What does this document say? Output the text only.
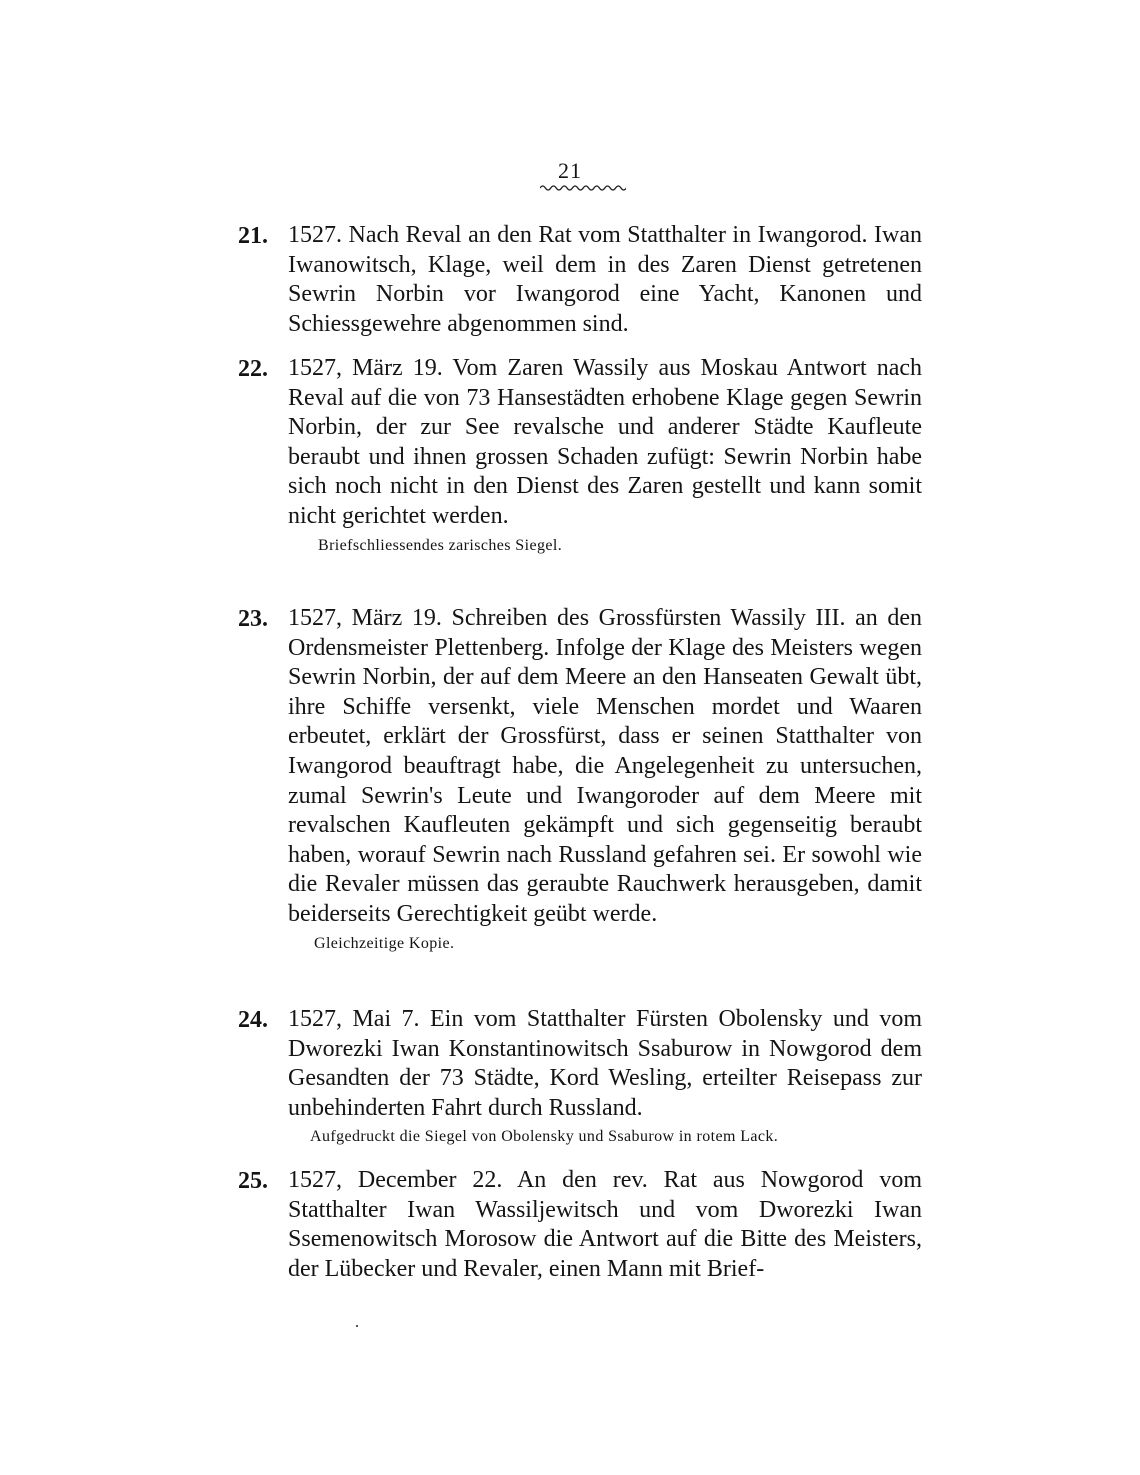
21
21. 1527. Nach Reval an den Rat vom Statthalter in Iwangorod. Iwan Iwanowitsch, Klage, weil dem in des Zaren Dienst getretenen Sewrin Norbin vor Iwangorod eine Yacht, Kanonen und Schiessgewehre abgenommen sind.

22. 1527, März 19. Vom Zaren Wassily aus Moskau Antwort nach Reval auf die von 73 Hansestädten erhobene Klage gegen Sewrin Norbin, der zur See revalsche und anderer Städte Kaufleute beraubt und ihnen grossen Schaden zufügt: Sewrin Norbin habe sich noch nicht in den Dienst des Zaren gestellt und kann somit nicht gerichtet werden.

Briefschliessendes zarisches Siegel.
23. 1527, März 19. Schreiben des Grossfürsten Wassily III. an den Ordensmeister Plettenberg. Infolge der Klage des Meisters wegen Sewrin Norbin, der auf dem Meere an den Hanseaten Gewalt übt, ihre Schiffe versenkt, viele Menschen mordet und Waaren erbeutet, erklärt der Grossfürst, dass er seinen Statthalter von Iwangorod beauftragt habe, die Angelegenheit zu untersuchen, zumal Sewrin's Leute und Iwangoroder auf dem Meere mit revalschen Kaufleuten gekämpft und sich gegenseitig beraubt haben, worauf Sewrin nach Russland gefahren sei. Er sowohl wie die Revaler müssen das geraubte Rauchwerk herausgeben, damit beiderseits Gerechtigkeit geübt werde.

Gleichzeitige Kopie.
24. 1527, Mai 7. Ein vom Statthalter Fürsten Obolensky und vom Dworezki Iwan Konstantinowitsch Ssaburow in Nowgorod dem Gesandten der 73 Städte, Kord Wesling, erteilter Reisepass zur unbehinderten Fahrt durch Russland.

Aufgedruckt die Siegel von Obolensky und Ssaburow in rotem Lack.
25. 1527, December 22. An den rev. Rat aus Nowgorod vom Statthalter Iwan Wassiljewitsch und vom Dworezki Iwan Ssemenowitsch Morosow die Antwort auf die Bitte des Meisters, der Lübecker und Revaler, einen Mann mit Brief-
